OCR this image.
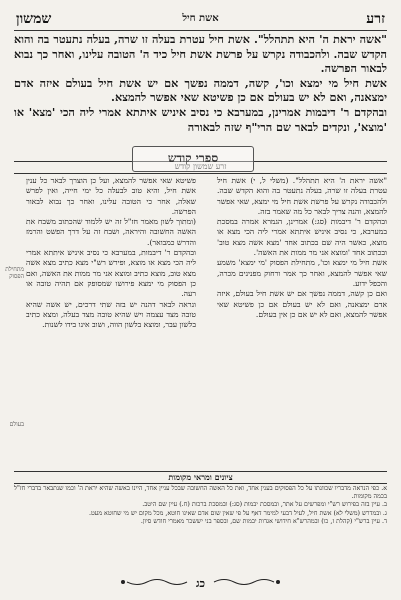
זרע
אשת חיל
שמשון

"אשה יראת ה' היא תתהלל". אשת חיל עטרת בעלה זו שרה, בעלה נתעטר בה והוא הקדש שבה. ולהכבודה נקרש על פרשת אשת חיל כיד ה' הטובה עלינו, ואחר כך נבוא לבאור הפרשה.

אשת חיל מי ימצא וכו', קשה, דממה נפשך אם יש אשת חיל בעולם איזה אדם ימצאנה, ואם לא יש בעולם אם כן פשיטא שאי אפשר להמצא.

ובהקדם ר' דיבמות אמרינן, במערבא כי נסיב איניש איתתא אמרי ליה הכי 'מצא' או 'מוצא', ונקדים לבאר שם הרי"ף שזה לבאורה

זרע שמשון קודש
ספרי קודש

"אשה יראת ה' היא תתהלל". (משלי ל, י) אשת חיל עטרת בעלה זו שרה, בעלה נתעטר בה והוא הקדש שבה. ולהכבודה נקרש על פרשת אשת חיל מי ימצא, שאי אפשר להמצא, והנה צריך לבאר כל מה שאמר בזה.

ובהקדם ר' דיבמות (סג:) אמרינן, הגמרא אמרה במסכת במערבא, כי נסיב איניש איתתא אמרי ליה הכי מצא או מוצא, כאשר היה שם בכתוב אחד 'מצא אשה מצא טוב' ובכתוב אחד 'ומוצא אני מר ממות את האשה'.

אשת חיל מי ימצא וכו', מתחילת הפסוק 'מי ימצא' משמע שאי אפשר להמצא, ואחר כך אמר ורחוק מפנינים מכרה, והכפל ידוע.

ואם כן קשה, דממה נפשך אם יש אשת חיל בעולם, איזה אדם ימצאנה, ואם לא יש בעולם אם כן פשיטא שאי אפשר להמצא, ואם לא יש אם כן אין בעולם.

פשיטא שאי אפשר להמצא, ועל כן הוצרך לבאר כל ענין אשת חיל, והיא טוב לבעלה כל ימי חייה, ואין לפרש שאלה, אחר כי הטובה עלינו, ואחר כך נבוא לבאור הפרשה.

(ומתוך לשון מאמר חז"ל זה יש ללמוד שהכתוב משבח את האשה החשובה והיראה, ושבח זה על דרך הפשט והרמז והדרש כמבואר).

ובהקדם ר' דיבמות, במערבא כי נסיב איניש איתתא אמרי ליה הכי מצא או מוצא, ופירש רש"י מצא כתיב מצא אשה מצא טוב, מוצא כתיב ומוצא אני מר ממות את האשה, ואם כן הפסוק מי ימצא פירושו שמסופק אם תהיה טובה או רעה.

ונראה לבאר דהנה יש בזה שתי דרכים, יש אשה שהיא טובה מצד עצמה ויש שהיא טובה מצד בעלה, ומצא כתיב בלשון עבר, ומוצא בלשון הווה, ושוב אינו בידו לשנות.

מתחילת הפסוק
בעולם
ציונים ומראי מקומות

א. כפי הנראה מדבריו שכוונתו על כל הפסוקים בענין אחד, ואת כל האשה החשובה שבכל עניין אחד, היינו באשה שהיא יראת ה' וכמו שנתבאר בדברי חז"ל בכמה מקומות.

ב. עיין בזה בפירוש רש"י ומפרשים על אתר, ובמסכת יבמות (סג:) ובמסכת ברכות (ח.) עיין שם היטב.

ג. ובמדרש (משלי לא) אשת חיל, לעיל דבעי למימר דאף על פי שאין שום אדם שאינו חוטא, מכל מקום יש מי שחוטא מעט.

ד. עיין ברש"י (קהלת ז, כו) ובמהרש"א חידושי אגדות יבמות שם, ובספר בני יששכר מאמרי חודש סיון.

כג
